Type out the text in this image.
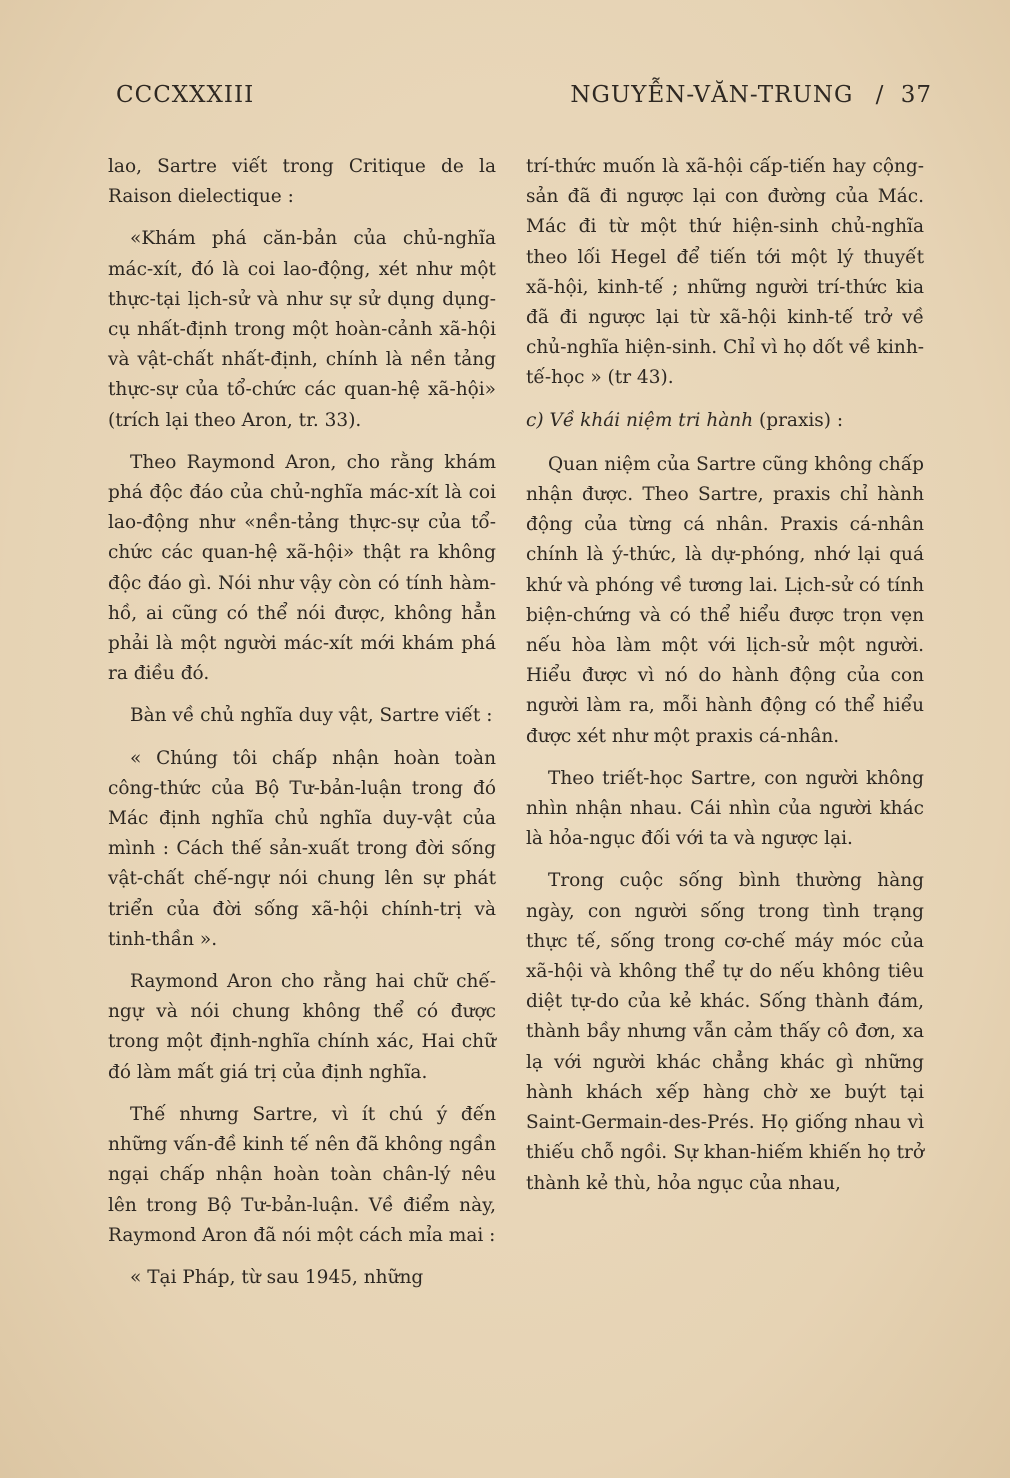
CCCXXXIII	NGUYỄN-VĂN-TRUNG / 37

lao, Sartre viết trong Critique de la Raison dielectique :

«Khám phá căn-bản của chủ-nghĩa mác-xít, đó là coi lao-động, xét như một thực-tại lịch-sử và như sự sử dụng dụng-cụ nhất-định trong một hoàn-cảnh xã-hội và vật-chất nhất-định, chính là nền tảng thực-sự của tổ-chức các quan-hệ xã-hội» (trích lại theo Aron, tr. 33).

Theo Raymond Aron, cho rằng khám phá độc đáo của chủ-nghĩa mác-xít là coi lao-động như «nền-tảng thực-sự của tổ-chức các quan-hệ xã-hội» thật ra không độc đáo gì. Nói như vậy còn có tính hàm-hồ, ai cũng có thể nói được, không hẳn phải là một người mác-xít mới khám phá ra điều đó.

Bàn về chủ nghĩa duy vật, Sartre viết :

« Chúng tôi chấp nhận hoàn toàn công-thức của Bộ Tư-bản-luận trong đó Mác định nghĩa chủ nghĩa duy-vật của mình : Cách thế sản-xuất trong đời sống vật-chất chế-ngự nói chung lên sự phát triển của đời sống xã-hội chính-trị và tinh-thần ».

Raymond Aron cho rằng hai chữ chế-ngự và nói chung không thể có được trong một định-nghĩa chính xác, Hai chữ đó làm mất giá trị của định nghĩa.

Thế nhưng Sartre, vì ít chú ý đến những vấn-đề kinh tế nên đã không ngần ngại chấp nhận hoàn toàn chân-lý nêu lên trong Bộ Tư-bản-luận. Về điểm này, Raymond Aron đã nói một cách mỉa mai :

« Tại Pháp, từ sau 1945, những

trí-thức muốn là xã-hội cấp-tiến hay cộng-sản đã đi ngược lại con đường của Mác. Mác đi từ một thứ hiện-sinh chủ-nghĩa theo lối Hegel để tiến tới một lý thuyết xã-hội, kinh-tế ; những người trí-thức kia đã đi ngược lại từ xã-hội kinh-tế trở về chủ-nghĩa hiện-sinh. Chỉ vì họ dốt về kinh-tế-học » (tr 43).

c) Về khái niệm tri hành (praxis) :

Quan niệm của Sartre cũng không chấp nhận được. Theo Sartre, praxis chỉ hành động của từng cá nhân. Praxis cá-nhân chính là ý-thức, là dự-phóng, nhớ lại quá khứ và phóng về tương lai. Lịch-sử có tính biện-chứng và có thể hiểu được trọn vẹn nếu hòa làm một với lịch-sử một người. Hiểu được vì nó do hành động của con người làm ra, mỗi hành động có thể hiểu được xét như một praxis cá-nhân.

Theo triết-học Sartre, con người không nhìn nhận nhau. Cái nhìn của người khác là hỏa-ngục đối với ta và ngược lại.

Trong cuộc sống bình thường hàng ngày, con người sống trong tình trạng thực tế, sống trong cơ-chế máy móc của xã-hội và không thể tự do nếu không tiêu diệt tự-do của kẻ khác. Sống thành đám, thành bầy nhưng vẫn cảm thấy cô đơn, xa lạ với người khác chẳng khác gì những hành khách xếp hàng chờ xe buýt tại Saint-Germain-des-Prés. Họ giống nhau vì thiếu chỗ ngồi. Sự khan-hiếm khiến họ trở thành kẻ thù, hỏa ngục của nhau,
